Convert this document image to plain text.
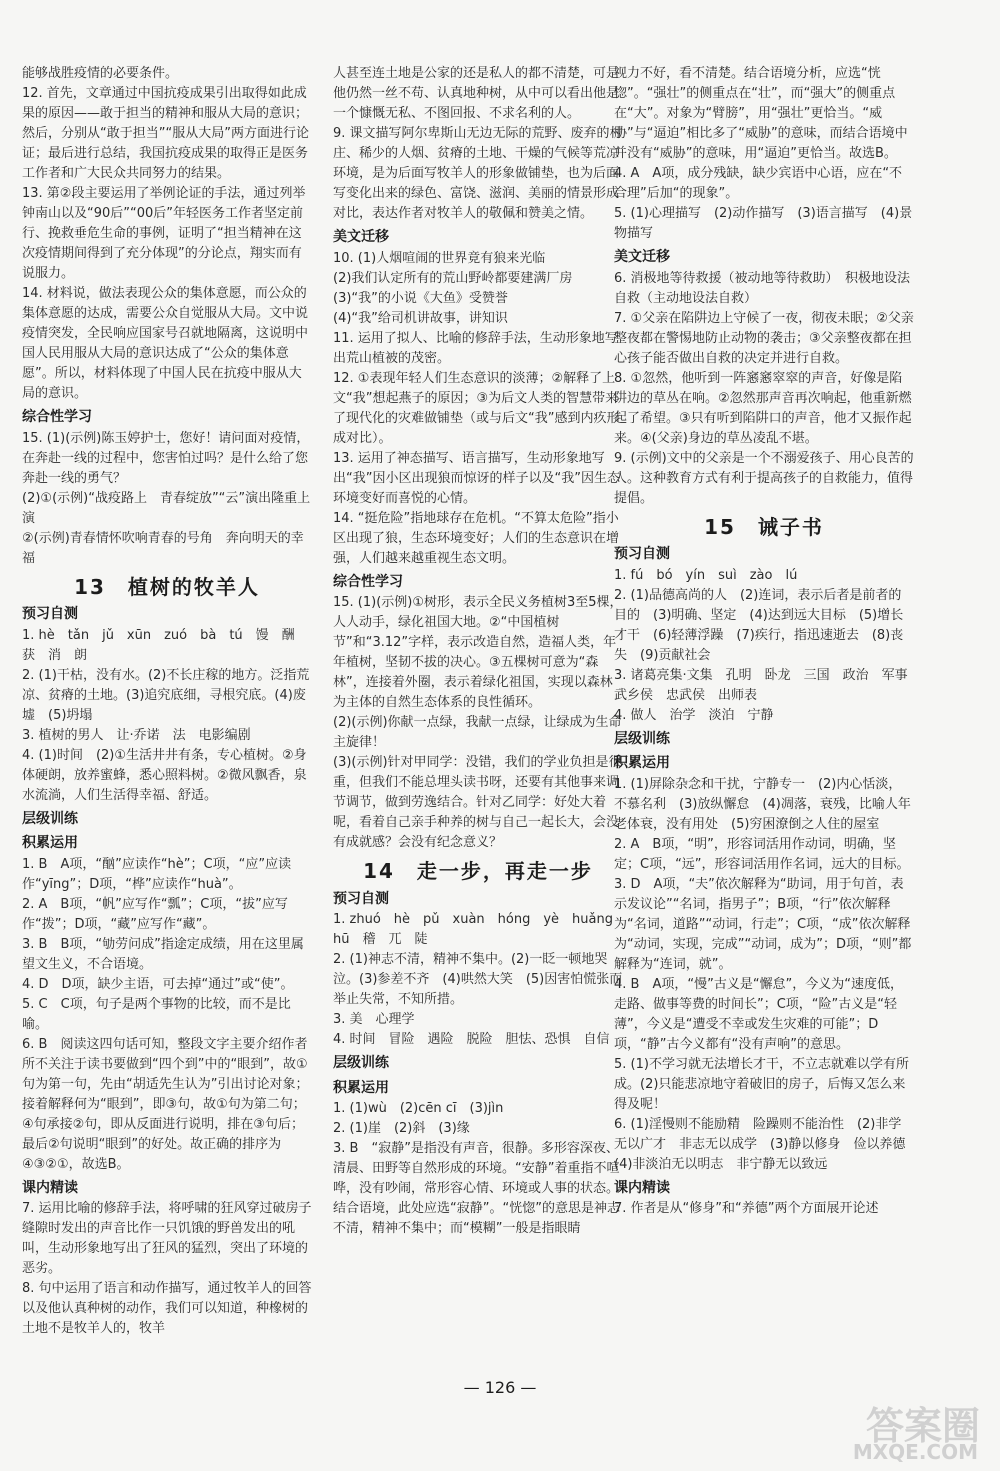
能够战胜疫情的必要条件。

12. 首先，文章通过中国抗疫成果引出取得如此成果的原因——敢于担当的精神和服从大局的意识；然后，分别从“敢于担当”“服从大局”两方面进行论证；最后进行总结，我国抗疫成果的取得正是医务工作者和广大民众共同努力的结果。

13. 第②段主要运用了举例论证的手法，通过列举钟南山以及“90后”“00后”年轻医务工作者坚定前行、挽救垂危生命的事例，证明了“担当精神在这次疫情期间得到了充分体现”的分论点，翔实而有说服力。

14. 材料说，做法表现公众的集体意愿，而公众的集体意愿的达成，需要公众自觉服从大局。文中说疫情突发，全民响应国家号召就地隔离，这说明中国人民用服从大局的意识达成了“公众的集体意愿”。所以，材料体现了中国人民在抗疫中服从大局的意识。

综合性学习

15. (1)(示例)陈玉婷护士，您好！请问面对疫情，在奔赴一线的过程中，您害怕过吗？是什么给了您奔赴一线的勇气？

(2)①(示例)“战疫路上　青春绽放”“云”演出隆重上演

②(示例)青春情怀吹响青春的号角　奔向明天的幸福

13　植树的牧羊人

预习自测

1. hè　tǎn　jǔ　xūn　zuó　bà　tú　馒　酬　获　消　朗

2. (1)干枯，没有水。(2)不长庄稼的地方。泛指荒凉、贫瘠的土地。(3)追究底细，寻根究底。(4)废墟　(5)坍塌

3. 植树的男人　让·乔诺　法　电影编剧

4. (1)时间　(2)①生活井井有条，专心植树。②身体硬朗，放养蜜蜂，悉心照料树。②微风飘香，泉水流淌，人们生活得幸福、舒适。

层级训练

积累运用

1. B　A项，“酗”应读作“hè”；C项，“应”应读作“yīng”；D项，“桦”应读作“huà”。

2. A　B项，“帆”应写作“瓢”；C项，“拔”应写作“拨”；D项，“藏”应写作“藏”。

3. B　B项，“劬劳问成”指途定成绩，用在这里属望文生义，不合语境。

4. D　D项，缺少主语，可去掉“通过”或“使”。

5. C　C项，句子是两个事物的比较，而不是比喻。

6. B　阅读这四句话可知，整段文字主要介绍作者所不关注于读书要做到“四个到”中的“眼到”，故①句为第一句，先由“胡适先生认为”引出讨论对象；接着解释何为“眼到”，即③句，故①句为第二句；④句承接②句，即从反面进行说明，排在③句后；最后②句说明“眼到”的好处。故正确的排序为④③②①，故选B。

课内精读

7. 运用比喻的修辞手法，将呼啸的狂风穿过破房子缝隙时发出的声音比作一只饥饿的野兽发出的吼叫，生动形象地写出了狂风的猛烈，突出了环境的恶劣。

8. 句中运用了语言和动作描写，通过牧羊人的回答以及他认真种树的动作，我们可以知道，种橡树的土地不是牧羊人的，牧羊

人甚至连土地是公家的还是私人的都不清楚，可是他仍然一丝不苟、认真地种树，从中可以看出他是一个慷慨无私、不图回报、不求名利的人。

9. 课文描写阿尔卑斯山无边无际的荒野、废弃的村庄、稀少的人烟、贫瘠的土地、干燥的气候等荒凉环境，是为后面写牧羊人的形象做铺垫，也为后面写变化出来的绿色、富饶、滋润、美丽的情景形成对比，表达作者对牧羊人的敬佩和赞美之情。

美文迁移

10. (1)人烟喧闹的世界竟有狼来光临

(2)我们认定所有的荒山野岭都要建满厂房　(3)“我”的小说《大鱼》受赞誉

(4)“我”给司机讲故事，讲知识

11. 运用了拟人、比喻的修辞手法，生动形象地写出荒山植被的茂密。

12. ①表现年轻人们生态意识的淡薄；②解释了上文“我”想起燕子的原因；③为后文人类的智慧带来了现代化的灾难做铺垫（或与后文“我”感到内疚形成对比）。

13. 运用了神态描写、语言描写，生动形象地写出“我”因小区出现狼而惊讶的样子以及“我”因生态环境变好而喜悦的心情。

14. “挺危险”指地球存在危机。“不算太危险”指小区出现了狼，生态环境变好；人们的生态意识在增强，人们越来越重视生态文明。

综合性学习

15. (1)(示例)①树形，表示全民义务植树3至5棵，人人动手，绿化祖国大地。②“中国植树节”和“3.12”字样，表示改造自然，造福人类，年年植树，坚韧不拔的决心。③五棵树可意为“森林”，连接着外圈，表示着绿化祖国，实现以森林为主体的自然生态体系的良性循环。

(2)(示例)你献一点绿，我献一点绿，让绿成为生命主旋律！

(3)(示例)针对甲同学：没错，我们的学业负担是很重，但我们不能总埋头读书呀，还要有其他事来调节调节，做到劳逸结合。针对乙同学：好处大着呢，看着自己亲手种养的树与自己一起长大，会没有成就感？会没有纪念意义？

14　走一步，再走一步

预习自测

1. zhuó　hè　pǔ　xuàn　hóng　yè　huǎng hū　稽　兀　陡

2. (1)神志不清，精神不集中。(2)一眨一顿地哭泣。(3)参差不齐　(4)哄然大笑　(5)因害怕慌张而举止失常，不知所措。

3. 美　心理学

4. 时间　冒险　遇险　脱险　胆怯、恐惧　自信

层级训练

积累运用

1. (1)wù　(2)cēn cī　(3)jìn

2. (1)崖　(2)斜　(3)缘

3. B　“寂静”是指没有声音，很静。多形容深夜、清晨、田野等自然形成的环境。“安静”着重指不喧哗，没有吵闹，常形容心情、环境或人事的状态。结合语境，此处应选“寂静”。“恍惚”的意思是神志不清，精神不集中；而“模糊”一般是指眼睛

视力不好，看不清楚。结合语境分析，应选“恍惚”。“强壮”的侧重点在“壮”，而“强大”的侧重点在“大”。对象为“臂膀”，用“强壮”更恰当。“威胁”与“逼迫”相比多了“威胁”的意味，而结合语境中并没有“威胁”的意味，用“逼迫”更恰当。故选B。

4. A　A项，成分残缺，缺少宾语中心语，应在“不合理”后加“的现象”。

5. (1)心理描写　(2)动作描写　(3)语言描写　(4)景物描写

美文迁移

6. 消极地等待救援（被动地等待救助）　积极地设法自救（主动地设法自救）

7. ①父亲在陷阱边上守候了一夜，彻夜未眠；②父亲整夜都在警惕地防止动物的袭击；③父亲整夜都在担心孩子能否做出自救的决定并进行自救。

8. ①忽然，他听到一阵窸窸窣窣的声音，好像是陷阱边的草丛在响。②忽然那声音再次响起，他重新燃起了希望。③只有听到陷阱口的声音，他才又振作起来。④(父亲)身边的草丛凌乱不堪。

9. (示例)文中的父亲是一个不溺爱孩子、用心良苦的人。这种教育方式有利于提高孩子的自救能力，值得提倡。

15　诫子书

预习自测

1. fú　bó　yín　suì　zào　lú

2. (1)品德高尚的人　(2)连词，表示后者是前者的目的　(3)明确、坚定　(4)达到远大目标　(5)增长才干　(6)轻薄浮躁　(7)疾行，指迅速逝去　(8)丧失　(9)贡献社会

3. 诸葛亮集·文集　孔明　卧龙　三国　政治　军事　武乡侯　忠武侯　出师表

4. 做人　治学　淡泊　宁静

层级训练

积累运用

1. (1)屏除杂念和干扰，宁静专一　(2)内心恬淡，不慕名利　(3)放纵懈怠　(4)凋落，衰残，比喻人年老体衰，没有用处　(5)穷困潦倒之人住的屋室

2. A　B项，“明”，形容词活用作动词，明确，坚定；C项，“远”，形容词活用作名词，远大的目标。

3. D　A项，“夫”依次解释为“助词，用于句首，表示发议论”“名词，指男子”；B项，“行”依次解释为“名词，道路”“动词，行走”；C项，“成”依次解释为“动词，实现，完成”“动词，成为”；D项，“则”都解释为“连词，就”。

4. B　A项，“慢”古义是“懈怠”，今义为“速度低，走路、做事等费的时间长”；C项，“险”古义是“轻薄”，今义是“遭受不幸或发生灾难的可能”；D项，“静”古今义都有“没有声响”的意思。

5. (1)不学习就无法增长才干，不立志就难以学有所成。(2)只能悲凉地守着破旧的房子，后悔又怎么来得及呢！

6. (1)淫慢则不能励精　险躁则不能治性　(2)非学无以广才　非志无以成学　(3)静以修身　俭以养德　(4)非淡泊无以明志　非宁静无以致远

课内精读

7. 作者是从“修身”和“养德”两个方面展开论述

— 126 —
答案圈
MXQE.COM
